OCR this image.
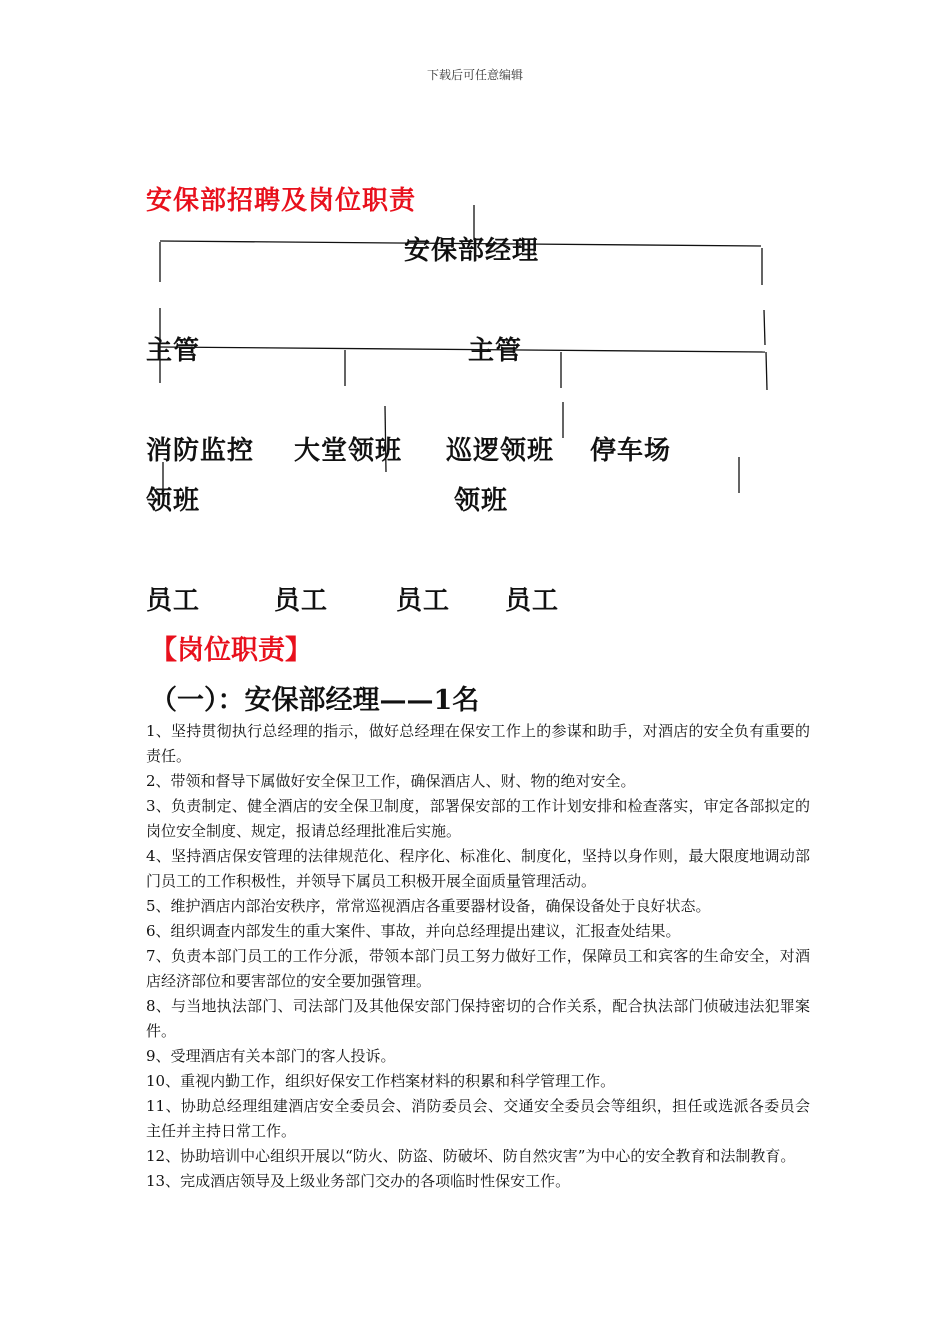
下载后可任意编辑
安保部招聘及岗位职责
安保部经理
主管	主管
消防监控 大堂领班 巡逻领班 停车场
领班	领班
员工	员工	员工 员工
【岗位职责】
（一）：安保部经理——1名

1、坚持贯彻执行总经理的指示，做好总经理在保安工作上的参谋和助手，对酒店的安全负有重要的责任。

2、带领和督导下属做好安全保卫工作，确保酒店人、财、物的绝对安全。

3、负责制定、健全酒店的安全保卫制度，部署保安部的工作计划安排和检查落实，审定各部拟定的岗位安全制度、规定，报请总经理批准后实施。

4、坚持酒店保安管理的法律规范化、程序化、标准化、制度化，坚持以身作则，最大限度地调动部门员工的工作积极性，并领导下属员工积极开展全面质量管理活动。

5、维护酒店内部治安秩序，常常巡视酒店各重要器材设备，确保设备处于良好状态。

6、组织调查内部发生的重大案件、事故，并向总经理提出建议，汇报查处结果。

7、负责本部门员工的工作分派，带领本部门员工努力做好工作，保障员工和宾客的生命安全，对酒店经济部位和要害部位的安全要加强管理。

8、与当地执法部门、司法部门及其他保安部门保持密切的合作关系，配合执法部门侦破违法犯罪案件。

9、受理酒店有关本部门的客人投诉。

10、重视内勤工作，组织好保安工作档案材料的积累和科学管理工作。

11、协助总经理组建酒店安全委员会、消防委员会、交通安全委员会等组织，担任或选派各委员会主任并主持日常工作。

12、协助培训中心组织开展以“防火、防盗、防破坏、防自然灾害”为中心的安全教育和法制教育。

13、完成酒店领导及上级业务部门交办的各项临时性保安工作。
